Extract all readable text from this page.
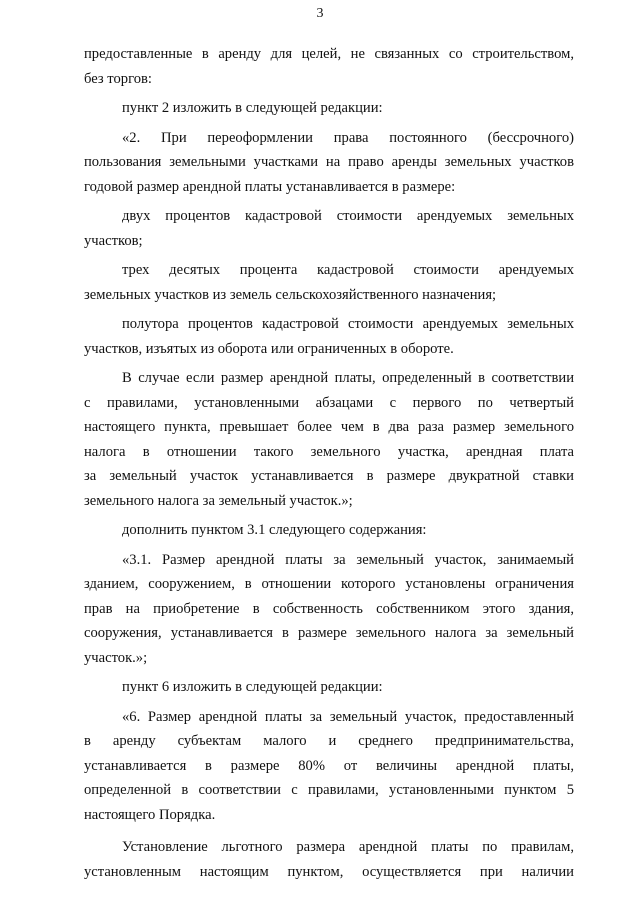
3

предоставленные в аренду для целей, не связанных со строительством,
без торгов:

пункт 2 изложить в следующей редакции:

«2. При переоформлении права постоянного (бессрочного)
пользования земельными участками на право аренды земельных участков
годовой размер арендной платы устанавливается в размере:

двух процентов кадастровой стоимости арендуемых земельных
участков;

трех десятых процента кадастровой стоимости арендуемых
земельных участков из земель сельскохозяйственного назначения;

полутора процентов кадастровой стоимости арендуемых земельных
участков, изъятых из оборота или ограниченных в обороте.

В случае если размер арендной платы, определенный в соответствии
с правилами, установленными абзацами с первого по четвертый
настоящего пункта, превышает более чем в два раза размер земельного
налога в отношении такого земельного участка, арендная плата
за земельный участок устанавливается в размере двукратной ставки
земельного налога за земельный участок.»;

дополнить пунктом 3.1 следующего содержания:

«3.1. Размер арендной платы за земельный участок, занимаемый
зданием, сооружением, в отношении которого установлены ограничения
прав на приобретение в собственность собственником этого здания,
сооружения, устанавливается в размере земельного налога за земельный
участок.»;

пункт 6 изложить в следующей редакции:

«6. Размер арендной платы за земельный участок, предоставленный
в аренду субъектам малого и среднего предпринимательства,
устанавливается в размере 80% от величины арендной платы,
определенной в соответствии с правилами, установленными пунктом 5
настоящего Порядка.

Установление льготного размера арендной платы по правилам,
установленным настоящим пунктом, осуществляется при наличии
